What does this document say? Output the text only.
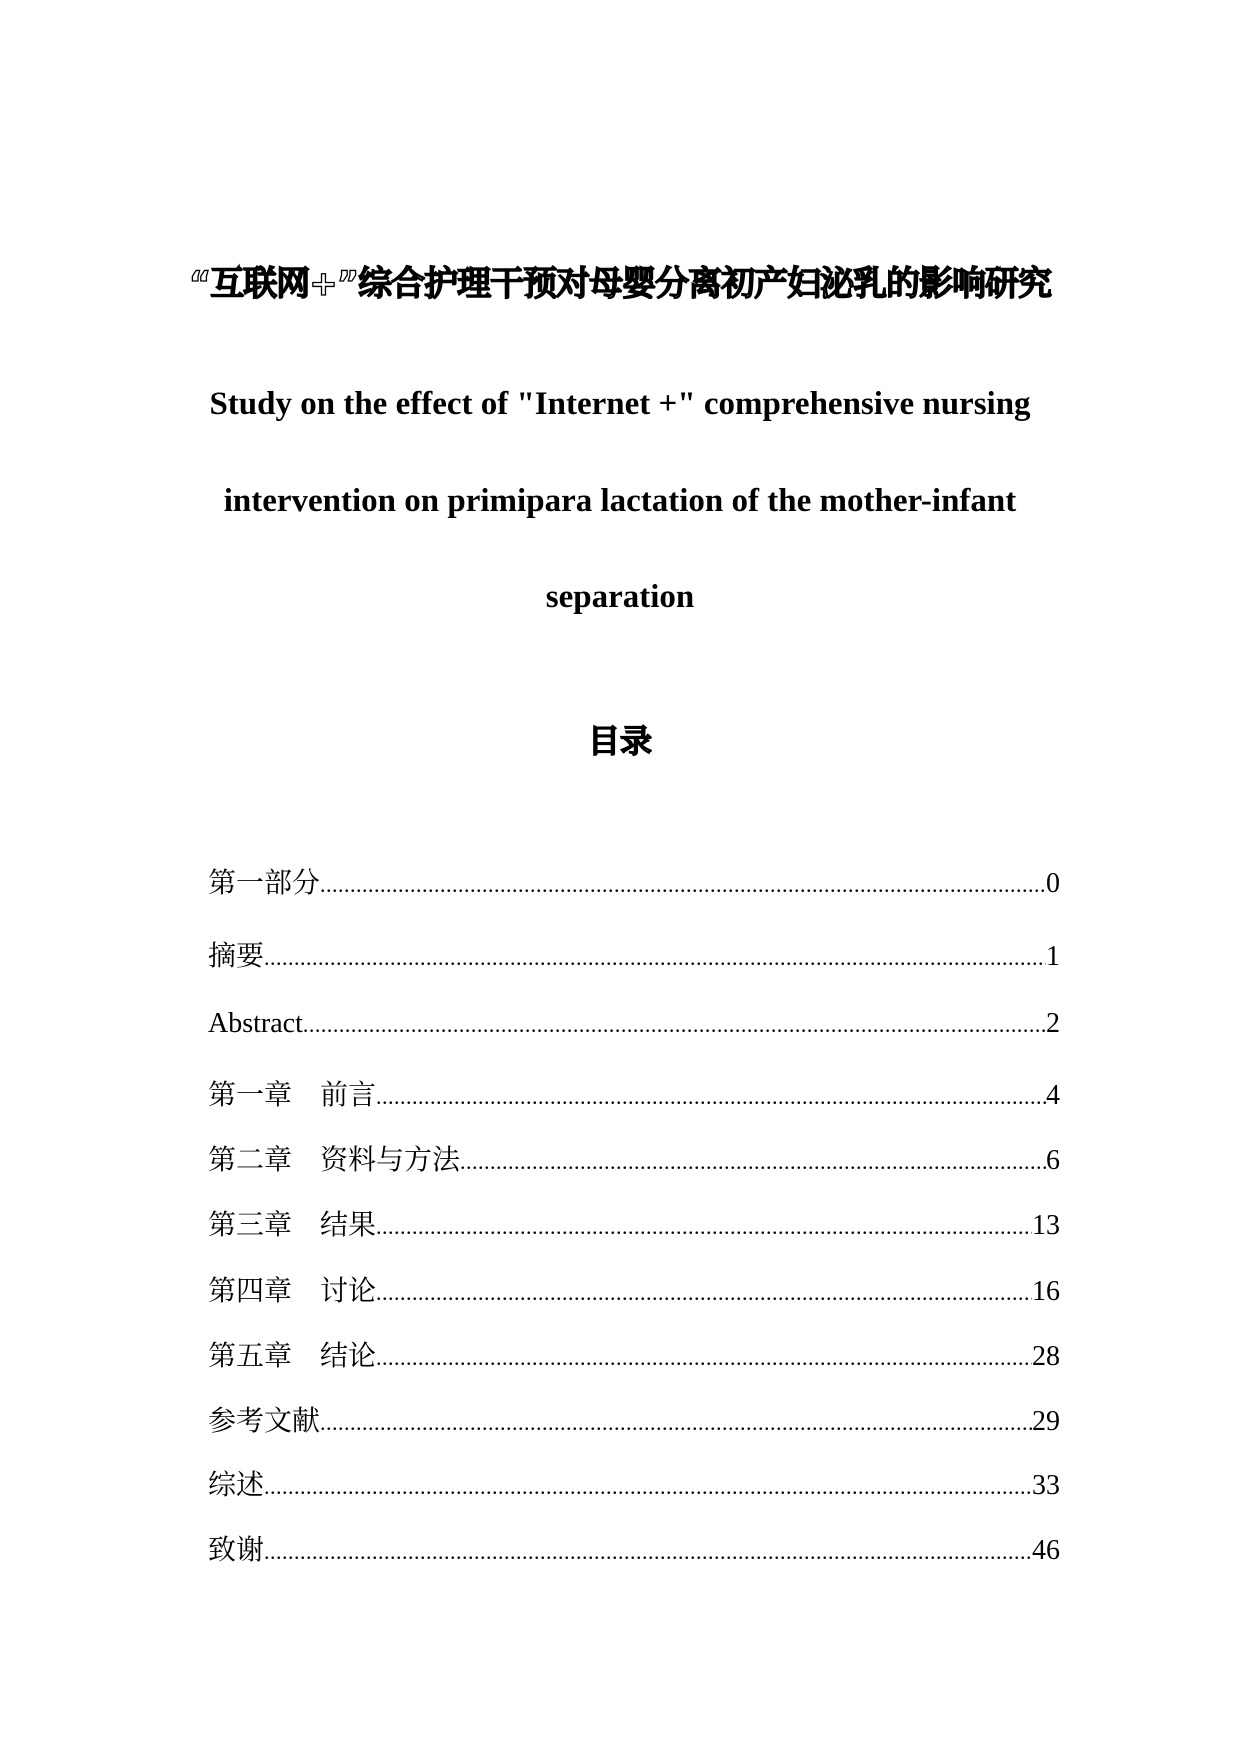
“互联网+”综合护理干预对母婴分离初产妇泌乳的影响研究
Study on the effect of "Internet +" comprehensive nursing
intervention on primipara lactation of the mother-infant
separation
目录
第一部分 .....	0
摘要 .....	1
Abstract .....	2
第一章　前言 .....	4
第二章　资料与方法 .....	6
第三章　结果 .....	13
第四章　讨论 .....	16
第五章　结论 .....	28
参考文献 .....	29
综述 .....	33
致谢 .....	46
